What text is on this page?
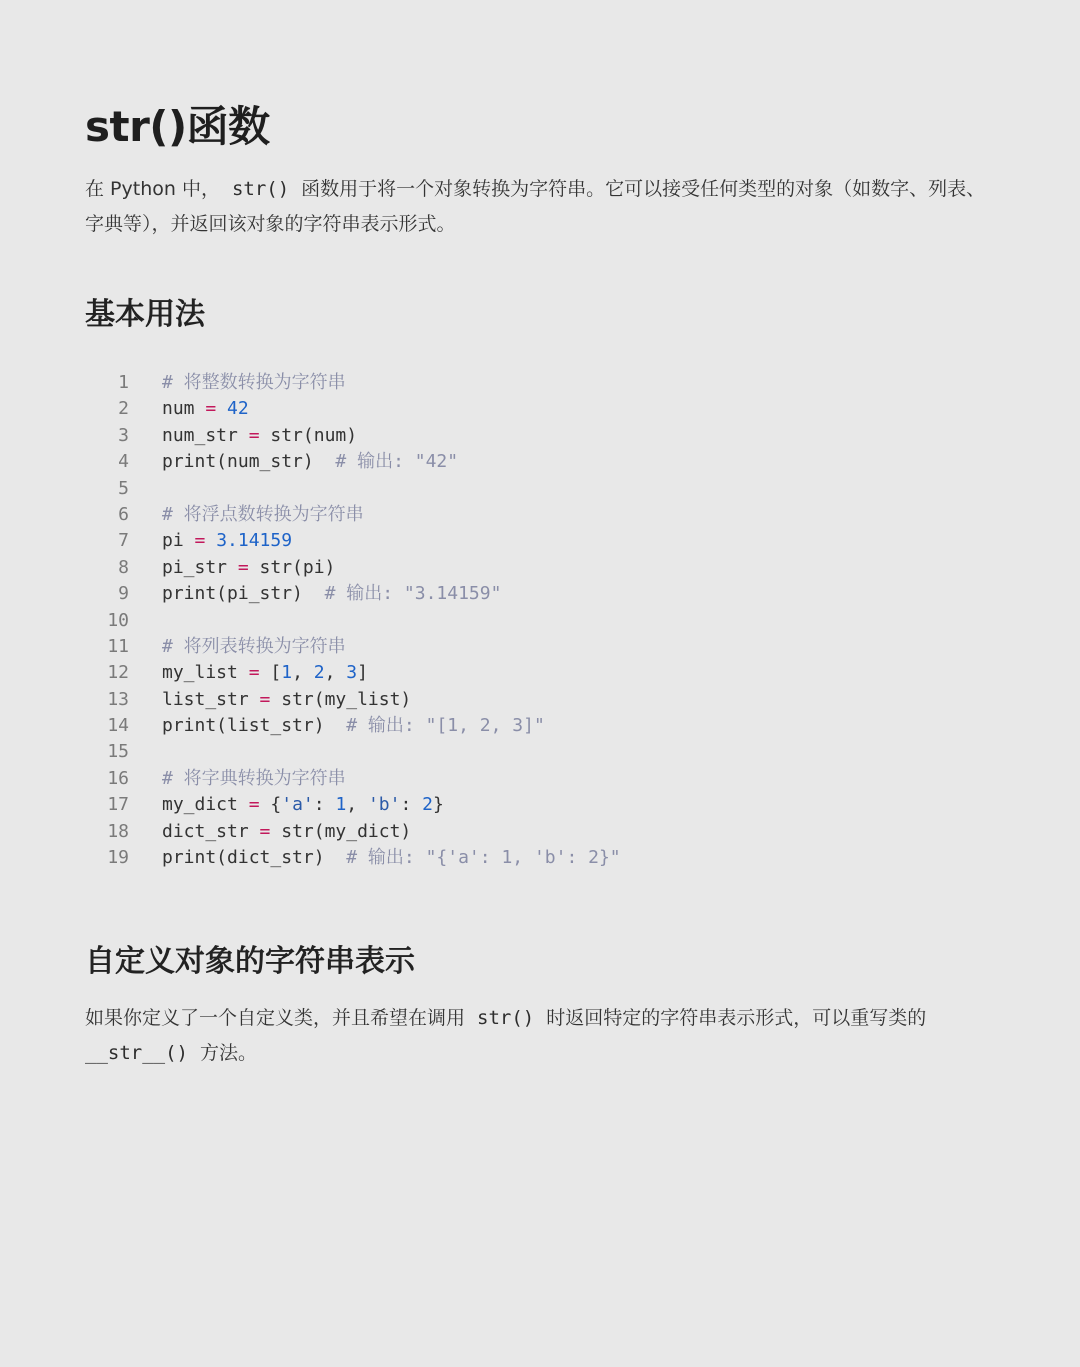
str()函数

在 Python 中， str() 函数用于将一个对象转换为字符串。它可以接受任何类型的对象（如数字、列表、字典等），并返回该对象的字符串表示形式。

基本用法
1 # 将整数转换为字符串
2 num = 42
3 num_str = str(num)
4 print(num_str)  # 输出: "42"
5
6 # 将浮点数转换为字符串
7 pi = 3.14159
8 pi_str = str(pi)
9 print(pi_str)  # 输出: "3.14159"
10
11 # 将列表转换为字符串
12 my_list = [1, 2, 3]
13 list_str = str(my_list)
14 print(list_str)  # 输出: "[1, 2, 3]"
15
16 # 将字典转换为字符串
17 my_dict = {'a': 1, 'b': 2}
18 dict_str = str(my_dict)
19 print(dict_str)  # 输出: "{'a': 1, 'b': 2}"
自定义对象的字符串表示

如果你定义了一个自定义类，并且希望在调用 str() 时返回特定的字符串表示形式，可以重写类的
__str__() 方法。
